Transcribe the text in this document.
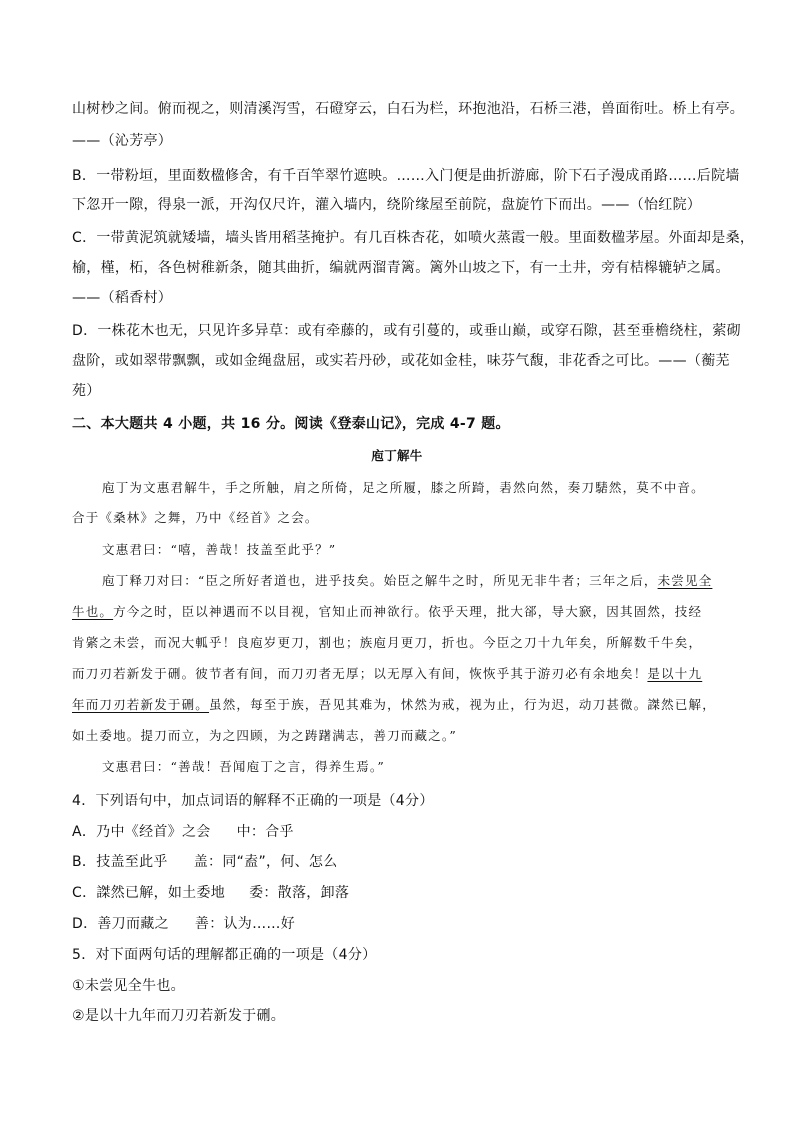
山树杪之间。俯而视之，则清溪泻雪，石磴穿云，白石为栏，环抱池沿，石桥三港，兽面衔吐。桥上有亭。
——（沁芳亭）
B．一带粉垣，里面数楹修舍，有千百竿翠竹遮映。……入门便是曲折游廊，阶下石子漫成甬路……后院墙
下忽开一隙，得泉一派，开沟仅尺许，灌入墙内，绕阶缘屋至前院，盘旋竹下而出。——（怡红院）
C．一带黄泥筑就矮墙，墙头皆用稻茎掩护。有几百株杏花，如喷火蒸霞一般。里面数楹茅屋。外面却是桑，
榆，槿，柘，各色树稚新条，随其曲折，编就两溜青篱。篱外山坡之下，有一土井，旁有桔槔辘轳之属。
——（稻香村）
D．一株花木也无，只见许多异草：或有牵藤的，或有引蔓的，或垂山巅，或穿石隙，甚至垂檐绕柱，萦砌
盘阶，或如翠带飘飘，或如金绳盘屈，或实若丹砂，或花如金桂，味芬气馥，非花香之可比。——（蘅芜
苑）
二、本大题共 4 小题，共 16 分。阅读《登泰山记》，完成 4-7 题。
庖丁解牛
庖丁为文惠君解牛，手之所触，肩之所倚，足之所履，膝之所踦，砉然向然，奏刀騞然，莫不中音。
合于《桑林》之舞，乃中《经首》之会。
文惠君曰：“嘻，善哉！技盖至此乎？”
庖丁释刀对曰：“臣之所好者道也，进乎技矣。始臣之解牛之时，所见无非牛者；三年之后，未尝见全
牛也。方今之时，臣以神遇而不以目视，官知止而神欲行。依乎天理，批大郤，导大窾，因其固然，技经
肯綮之未尝，而况大軱乎！良庖岁更刀，割也；族庖月更刀，折也。今臣之刀十九年矣，所解数千牛矣，
而刀刃若新发于硎。彼节者有间，而刀刃者无厚；以无厚入有间，恢恢乎其于游刃必有余地矣！是以十九
年而刀刃若新发于硎。虽然，每至于族，吾见其难为，怵然为戒，视为止，行为迟，动刀甚微。謋然已解，
如土委地。提刀而立，为之四顾，为之踌躇满志，善刀而藏之。”
文惠君曰：“善哉！吾闻庖丁之言，得养生焉。”
4．下列语句中，加点词语的解释不正确的一项是（4分）
A．乃中《经首》之会 中：合乎
B．技盖至此乎 盖：同“盍”，何、怎么
C．謋然已解，如土委地 委：散落，卸落
D．善刀而藏之 善：认为……好
5．对下面两句话的理解都正确的一项是（4分）
①未尝见全牛也。
②是以十九年而刀刃若新发于硎。
